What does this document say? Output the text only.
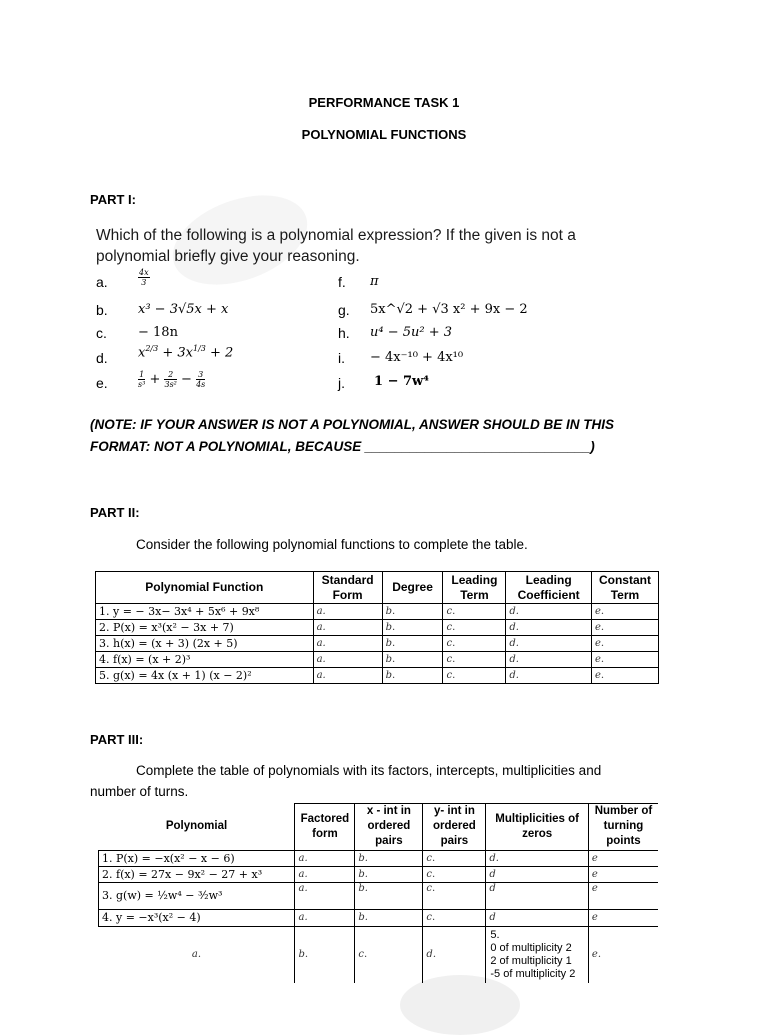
PERFORMANCE TASK 1
POLYNOMIAL FUNCTIONS
PART I:
Which of the following is a polynomial expression? If the given is not a
polynomial briefly give your reasoning.
a.	$\frac{4x}{3}$
b. x³ − 3√5x + x
c. − 18n
d. $x^{2/3} + 3x^{1/3} + 2$
e.	$\frac{1}{\text{s³}} + \frac{2}{\text{3s²}} - \frac{3}{4s}$
f. π
g. 5x^√2 + √3 x² + 9x − 2
h. u⁴ − 5u² + 3
i. − 4x⁻¹⁰ + 4x¹⁰
j. 1 − 7w⁴
(NOTE: IF YOUR ANSWER IS NOT A POLYNOMIAL, ANSWER SHOULD BE IN THIS
FORMAT: NOT A POLYNOMIAL, BECAUSE ______________________________)
PART II:
Consider the following polynomial functions to complete the table.
Polynomial Function	Standard Form	Degree	Leading Term	Leading Coefficient	Constant Term
1. y = − 3x− 3x⁴ + 5x⁶ + 9x⁸	a.	b.	c.	d.	e.
2. P(x) = x³(x² − 3x + 7)	a.	b.	c.	d.	e.
3. h(x) = (x + 3) (2x + 5)	a.	b.	c.	d.	e.
4. f(x) = (x + 2)³	a.	b.	c.	d.	e.
5. g(x) = 4x (x + 1) (x − 2)²	a.	b.	c.	d.	e.
PART III:
Complete the table of polynomials with its factors, intercepts, multiplicities and
number of turns.
Polynomial	Factored form	x - int in ordered pairs	y- int in ordered pairs	Multiplicities of zeros	Number of turning points
1. P(x) = −x(x² − x − 6)	a.	b.	c.	d.	e
2. f(x) = 27x − 9x² − 27 + x³	a.	b.	c.	d	e
3. g(w) = ½w⁴ − ³⁄₂w³	a.	b.	c.	d	e
4. y = −x³(x² − 4)	a.	b.	c.	d	e
a.	b.	c.	d.	5.
0 of multiplicity 2
2 of multiplicity 1
-5 of multiplicity 2	e.
